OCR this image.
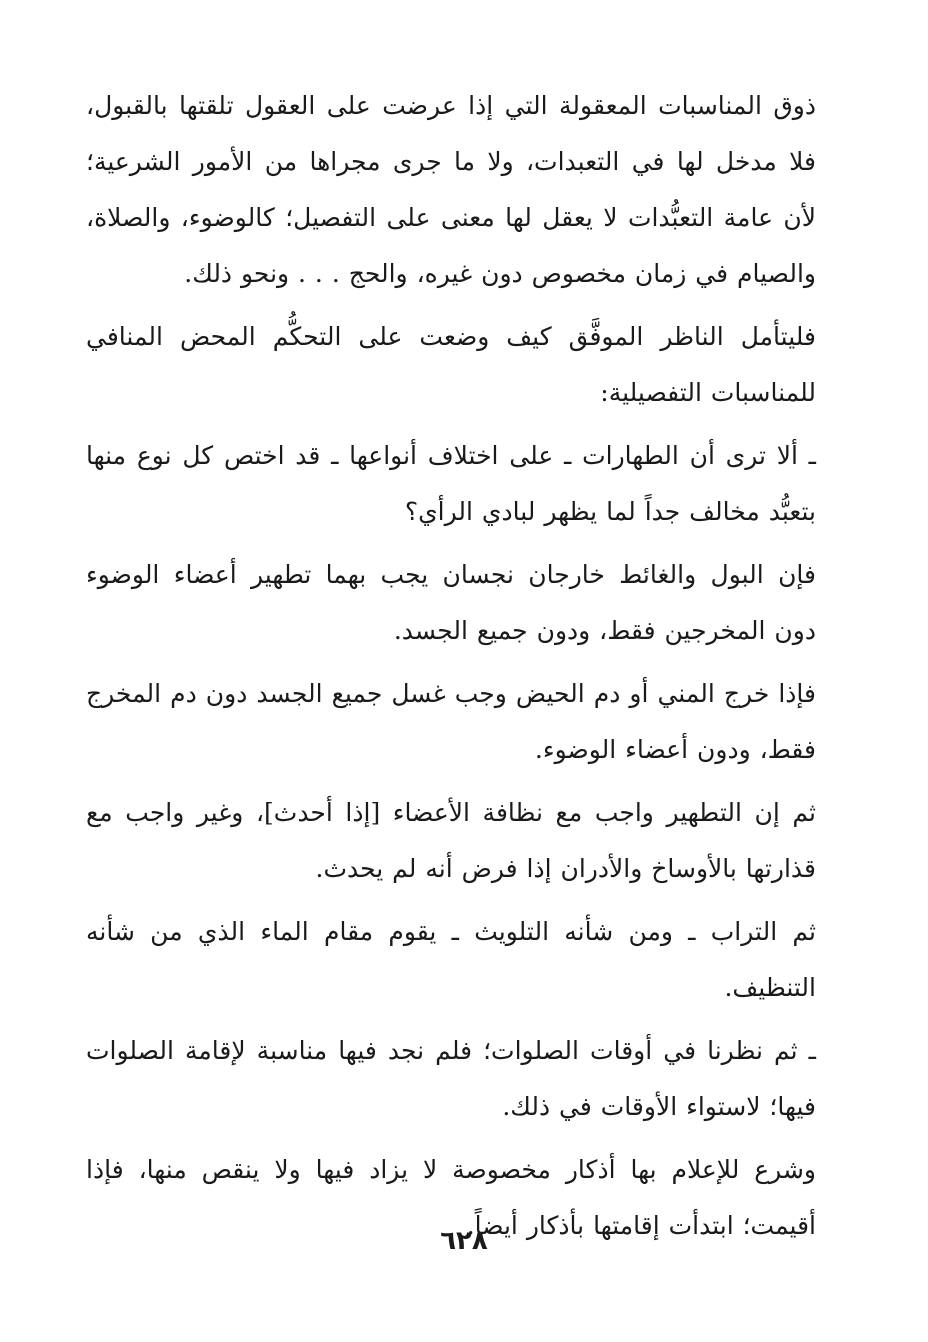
ذوق المناسبات المعقولة التي إذا عرضت على العقول تلقتها بالقبول، فلا مدخل لها في التعبدات، ولا ما جرى مجراها من الأمور الشرعية؛ لأن عامة التعبُّدات لا يعقل لها معنى على التفصيل؛ كالوضوء، والصلاة، والصيام في زمان مخصوص دون غيره، والحج . . . ونحو ذلك.

فليتأمل الناظر الموفَّق كيف وضعت على التحكُّم المحض المنافي للمناسبات التفصيلية:

ـ ألا ترى أن الطهارات ـ على اختلاف أنواعها ـ قد اختص كل نوع منها بتعبُّد مخالف جداً لما يظهر لبادي الرأي؟

فإن البول والغائط خارجان نجسان يجب بهما تطهير أعضاء الوضوء دون المخرجين فقط، ودون جميع الجسد.

فإذا خرج المني أو دم الحيض وجب غسل جميع الجسد دون دم المخرج فقط، ودون أعضاء الوضوء.

ثم إن التطهير واجب مع نظافة الأعضاء [إذا أحدث]، وغير واجب مع قذارتها بالأوساخ والأدران إذا فرض أنه لم يحدث.

ثم التراب ـ ومن شأنه التلويث ـ يقوم مقام الماء الذي من شأنه التنظيف.

ـ ثم نظرنا في أوقات الصلوات؛ فلم نجد فيها مناسبة لإقامة الصلوات فيها؛ لاستواء الأوقات في ذلك.

وشرع للإعلام بها أذكار مخصوصة لا يزاد فيها ولا ينقص منها، فإذا أقيمت؛ ابتدأت إقامتها بأذكار أيضاً.

٦٢٨
